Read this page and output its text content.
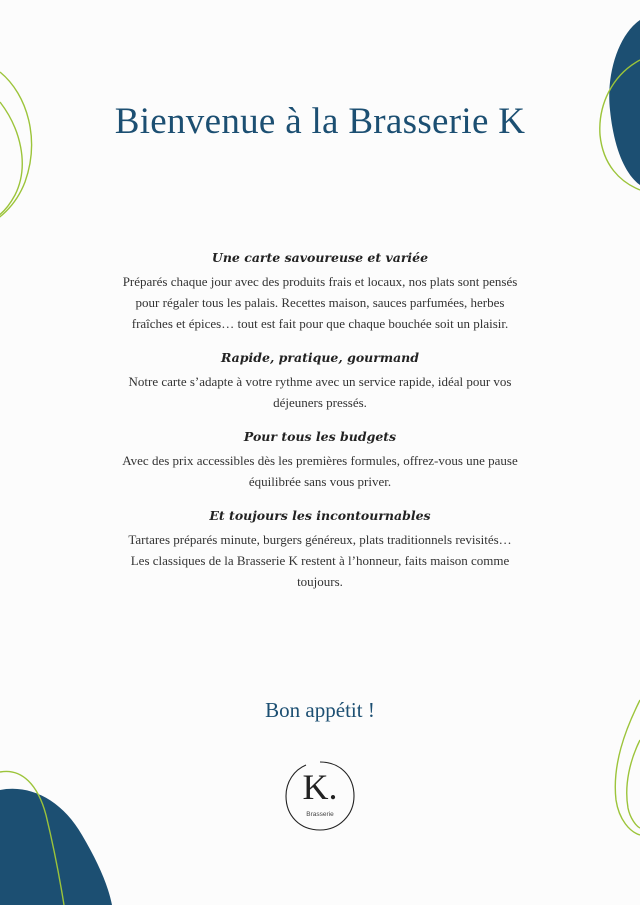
Bienvenue à la Brasserie K

Une carte savoureuse et variée

Préparés chaque jour avec des produits frais et locaux, nos plats sont pensés pour régaler tous les palais. Recettes maison, sauces parfumées, herbes fraîches et épices… tout est fait pour que chaque bouchée soit un plaisir.

Rapide, pratique, gourmand

Notre carte s’adapte à votre rythme avec un service rapide, idéal pour vos déjeuners pressés.

Pour tous les budgets

Avec des prix accessibles dès les premières formules, offrez-vous une pause équilibrée sans vous priver.

Et toujours les incontournables

Tartares préparés minute, burgers généreux, plats traditionnels revisités… Les classiques de la Brasserie K restent à l’honneur, faits maison comme toujours.

Bon appétit !

K.
Brasserie
